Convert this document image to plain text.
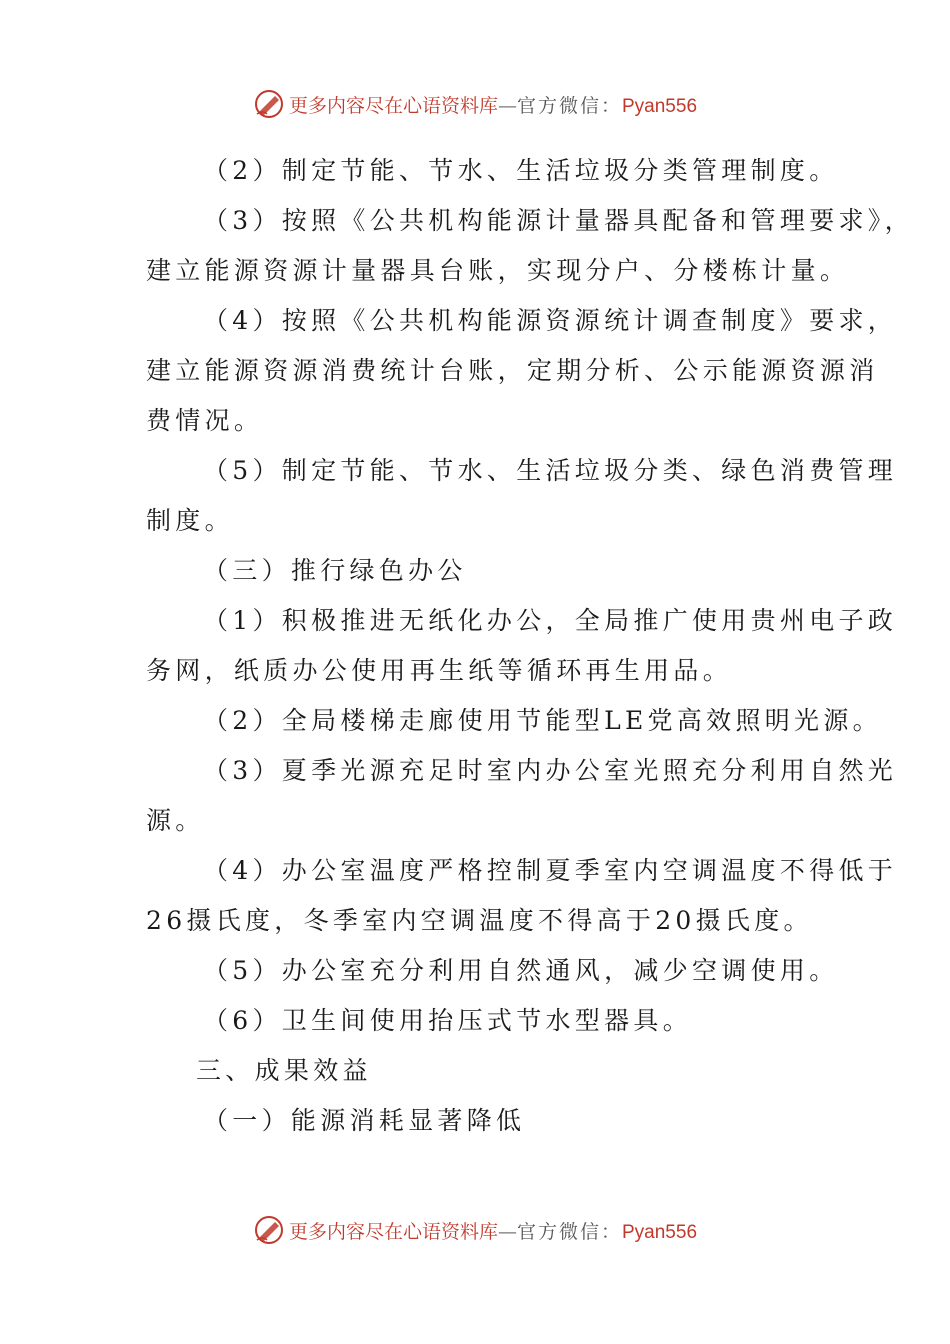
更多内容尽在心语资料库—官方微信：Pyan556
（2）制定节能、节水、生活垃圾分类管理制度。
（3）按照《公共机构能源计量器具配备和管理要求》，
建立能源资源计量器具台账，实现分户、分楼栋计量。
（4）按照《公共机构能源资源统计调查制度》要求，
建立能源资源消费统计台账，定期分析、公示能源资源消
费情况。
（5）制定节能、节水、生活垃圾分类、绿色消费管理
制度。
（三）推行绿色办公
（1）积极推进无纸化办公，全局推广使用贵州电子政
务网，纸质办公使用再生纸等循环再生用品。
（2）全局楼梯走廊使用节能型LE党高效照明光源。
（3）夏季光源充足时室内办公室光照充分利用自然光
源。
（4）办公室温度严格控制夏季室内空调温度不得低于
26摄氏度，冬季室内空调温度不得高于20摄氏度。
（5）办公室充分利用自然通风，减少空调使用。
（6）卫生间使用抬压式节水型器具。
三、成果效益
（一）能源消耗显著降低
更多内容尽在心语资料库—官方微信：Pyan556
